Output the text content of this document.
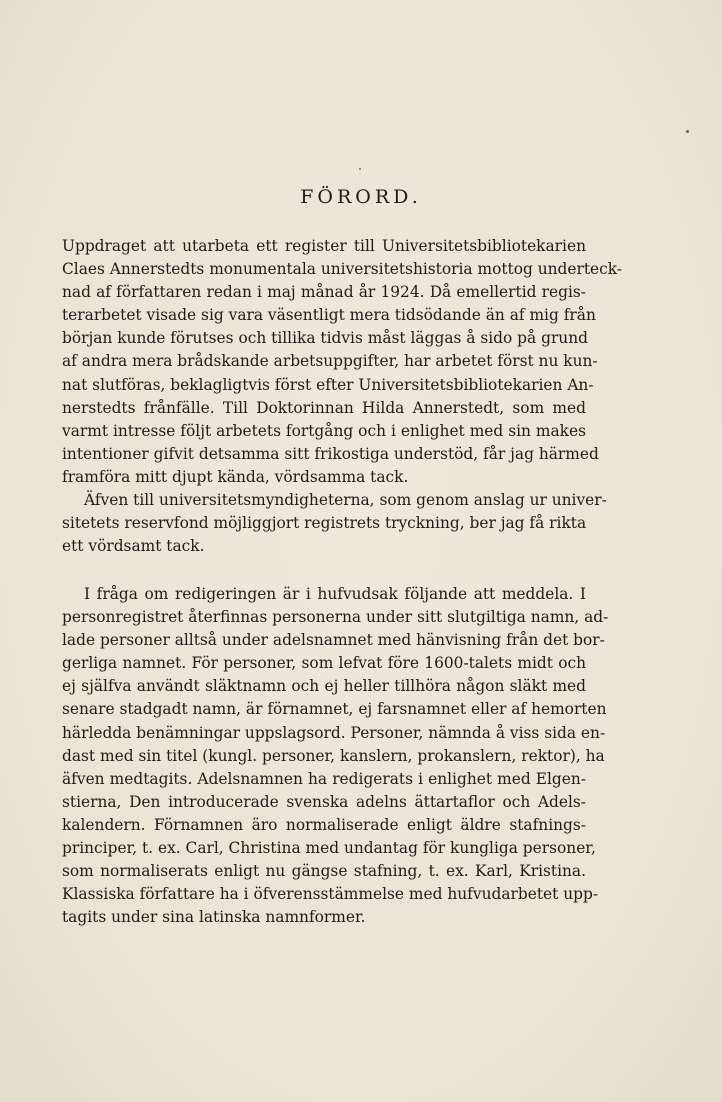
FÖRORD.
Uppdraget att utarbeta ett register till Universitetsbibliotekarien
Claes Annerstedts monumentala universitetshistoria mottog underteck-
nad af författaren redan i maj månad år 1924. Då emellertid regis-
terarbetet visade sig vara väsentligt mera tidsödande än af mig från
början kunde förutses och tillika tidvis måst läggas å sido på grund
af andra mera brådskande arbetsuppgifter, har arbetet först nu kun-
nat slutföras, beklagligtvis först efter Universitetsbibliotekarien An-
nerstedts frånfälle. Till Doktorinnan Hilda Annerstedt, som med
varmt intresse följt arbetets fortgång och i enlighet med sin makes
intentioner gifvit detsamma sitt frikostiga understöd, får jag härmed
framföra mitt djupt kända, vördsamma tack.
Äfven till universitetsmyndigheterna, som genom anslag ur univer-
sitetets reservfond möjliggjort registrets tryckning, ber jag få rikta
ett vördsamt tack.
I fråga om redigeringen är i hufvudsak följande att meddela. I
personregistret återfinnas personerna under sitt slutgiltiga namn, ad-
lade personer alltså under adelsnamnet med hänvisning från det bor-
gerliga namnet. För personer, som lefvat före 1600-talets midt och
ej själfva användt släktnamn och ej heller tillhöra någon släkt med
senare stadgadt namn, är förnamnet, ej farsnamnet eller af hemorten
härledda benämningar uppslagsord. Personer, nämnda å viss sida en-
dast med sin titel (kungl. personer, kanslern, prokanslern, rektor), ha
äfven medtagits. Adelsnamnen ha redigerats i enlighet med Elgen-
stierna, Den introducerade svenska adelns ättartaflor och Adels-
kalendern. Förnamnen äro normaliserade enligt äldre stafnings-
principer, t. ex. Carl, Christina med undantag för kungliga personer,
som normaliserats enligt nu gängse stafning, t. ex. Karl, Kristina.
Klassiska författare ha i öfverensstämmelse med hufvudarbetet upp-
tagits under sina latinska namnformer.
